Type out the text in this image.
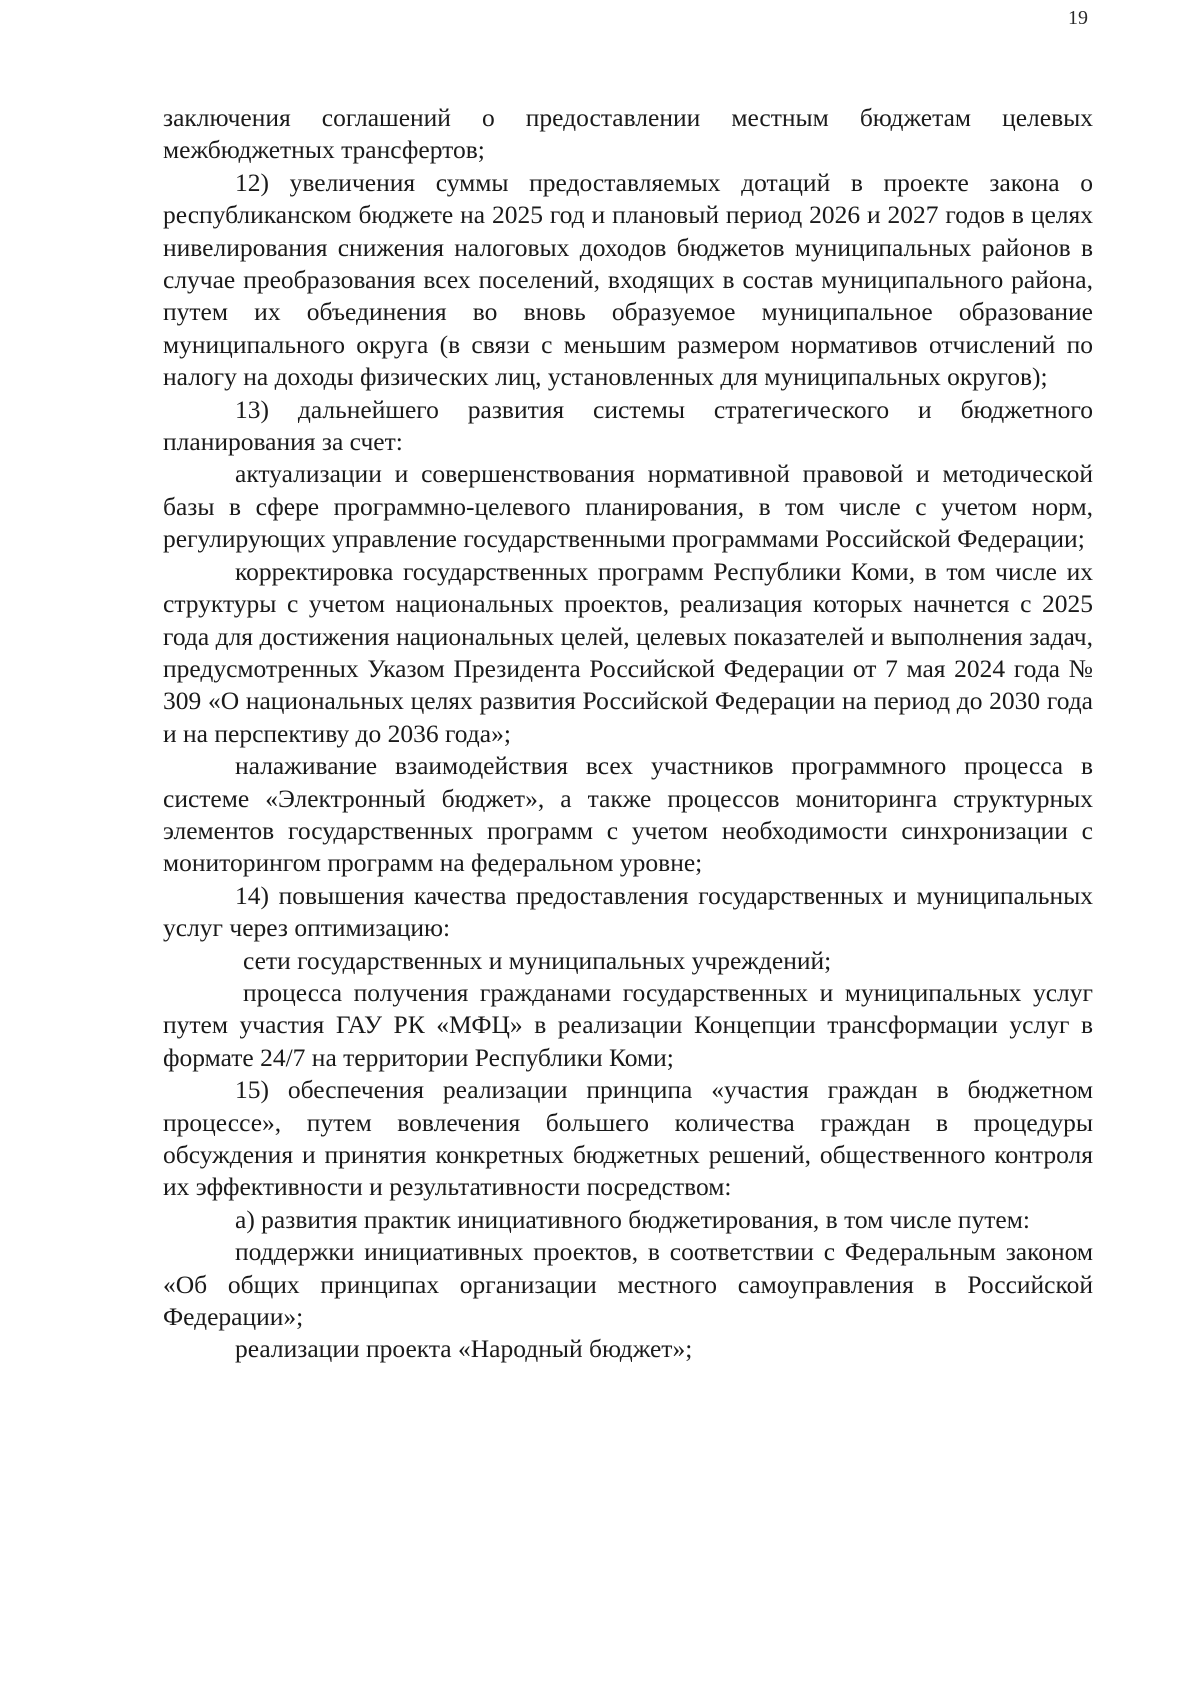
19

заключения соглашений о предоставлении местным бюджетам целевых межбюджетных трансфертов;

12) увеличения суммы предоставляемых дотаций в проекте закона о республиканском бюджете на 2025 год и плановый период 2026 и 2027 годов в целях нивелирования снижения налоговых доходов бюджетов муниципальных районов в случае преобразования всех поселений, входящих в состав муниципального района, путем их объединения во вновь образуемое муниципальное образование муниципального округа (в связи с меньшим размером нормативов отчислений по налогу на доходы физических лиц, установленных для муниципальных округов);

13) дальнейшего развития системы стратегического и бюджетного планирования за счет:

актуализации и совершенствования нормативной правовой и методической базы в сфере программно-целевого планирования, в том числе с учетом норм, регулирующих управление государственными программами Российской Федерации;

корректировка государственных программ Республики Коми, в том числе их структуры с учетом национальных проектов, реализация которых начнется с 2025 года для достижения национальных целей, целевых показателей и выполнения задач, предусмотренных Указом Президента Российской Федерации от 7 мая 2024 года № 309 «О национальных целях развития Российской Федерации на период до 2030 года и на перспективу до 2036 года»;

налаживание взаимодействия всех участников программного процесса в системе «Электронный бюджет», а также процессов мониторинга структурных элементов государственных программ с учетом необходимости синхронизации с мониторингом программ на федеральном уровне;

14) повышения качества предоставления государственных и муниципальных услуг через оптимизацию:

сети государственных и муниципальных учреждений;

процесса получения гражданами государственных и муниципальных услуг путем участия ГАУ РК «МФЦ» в реализации Концепции трансформации услуг в формате 24/7 на территории Республики Коми;

15) обеспечения реализации принципа «участия граждан в бюджетном процессе», путем вовлечения большего количества граждан в процедуры обсуждения и принятия конкретных бюджетных решений, общественного контроля их эффективности и результативности посредством:

а) развития практик инициативного бюджетирования, в том числе путем:

поддержки инициативных проектов, в соответствии с Федеральным законом «Об общих принципах организации местного самоуправления в Российской Федерации»;

реализации проекта «Народный бюджет»;
